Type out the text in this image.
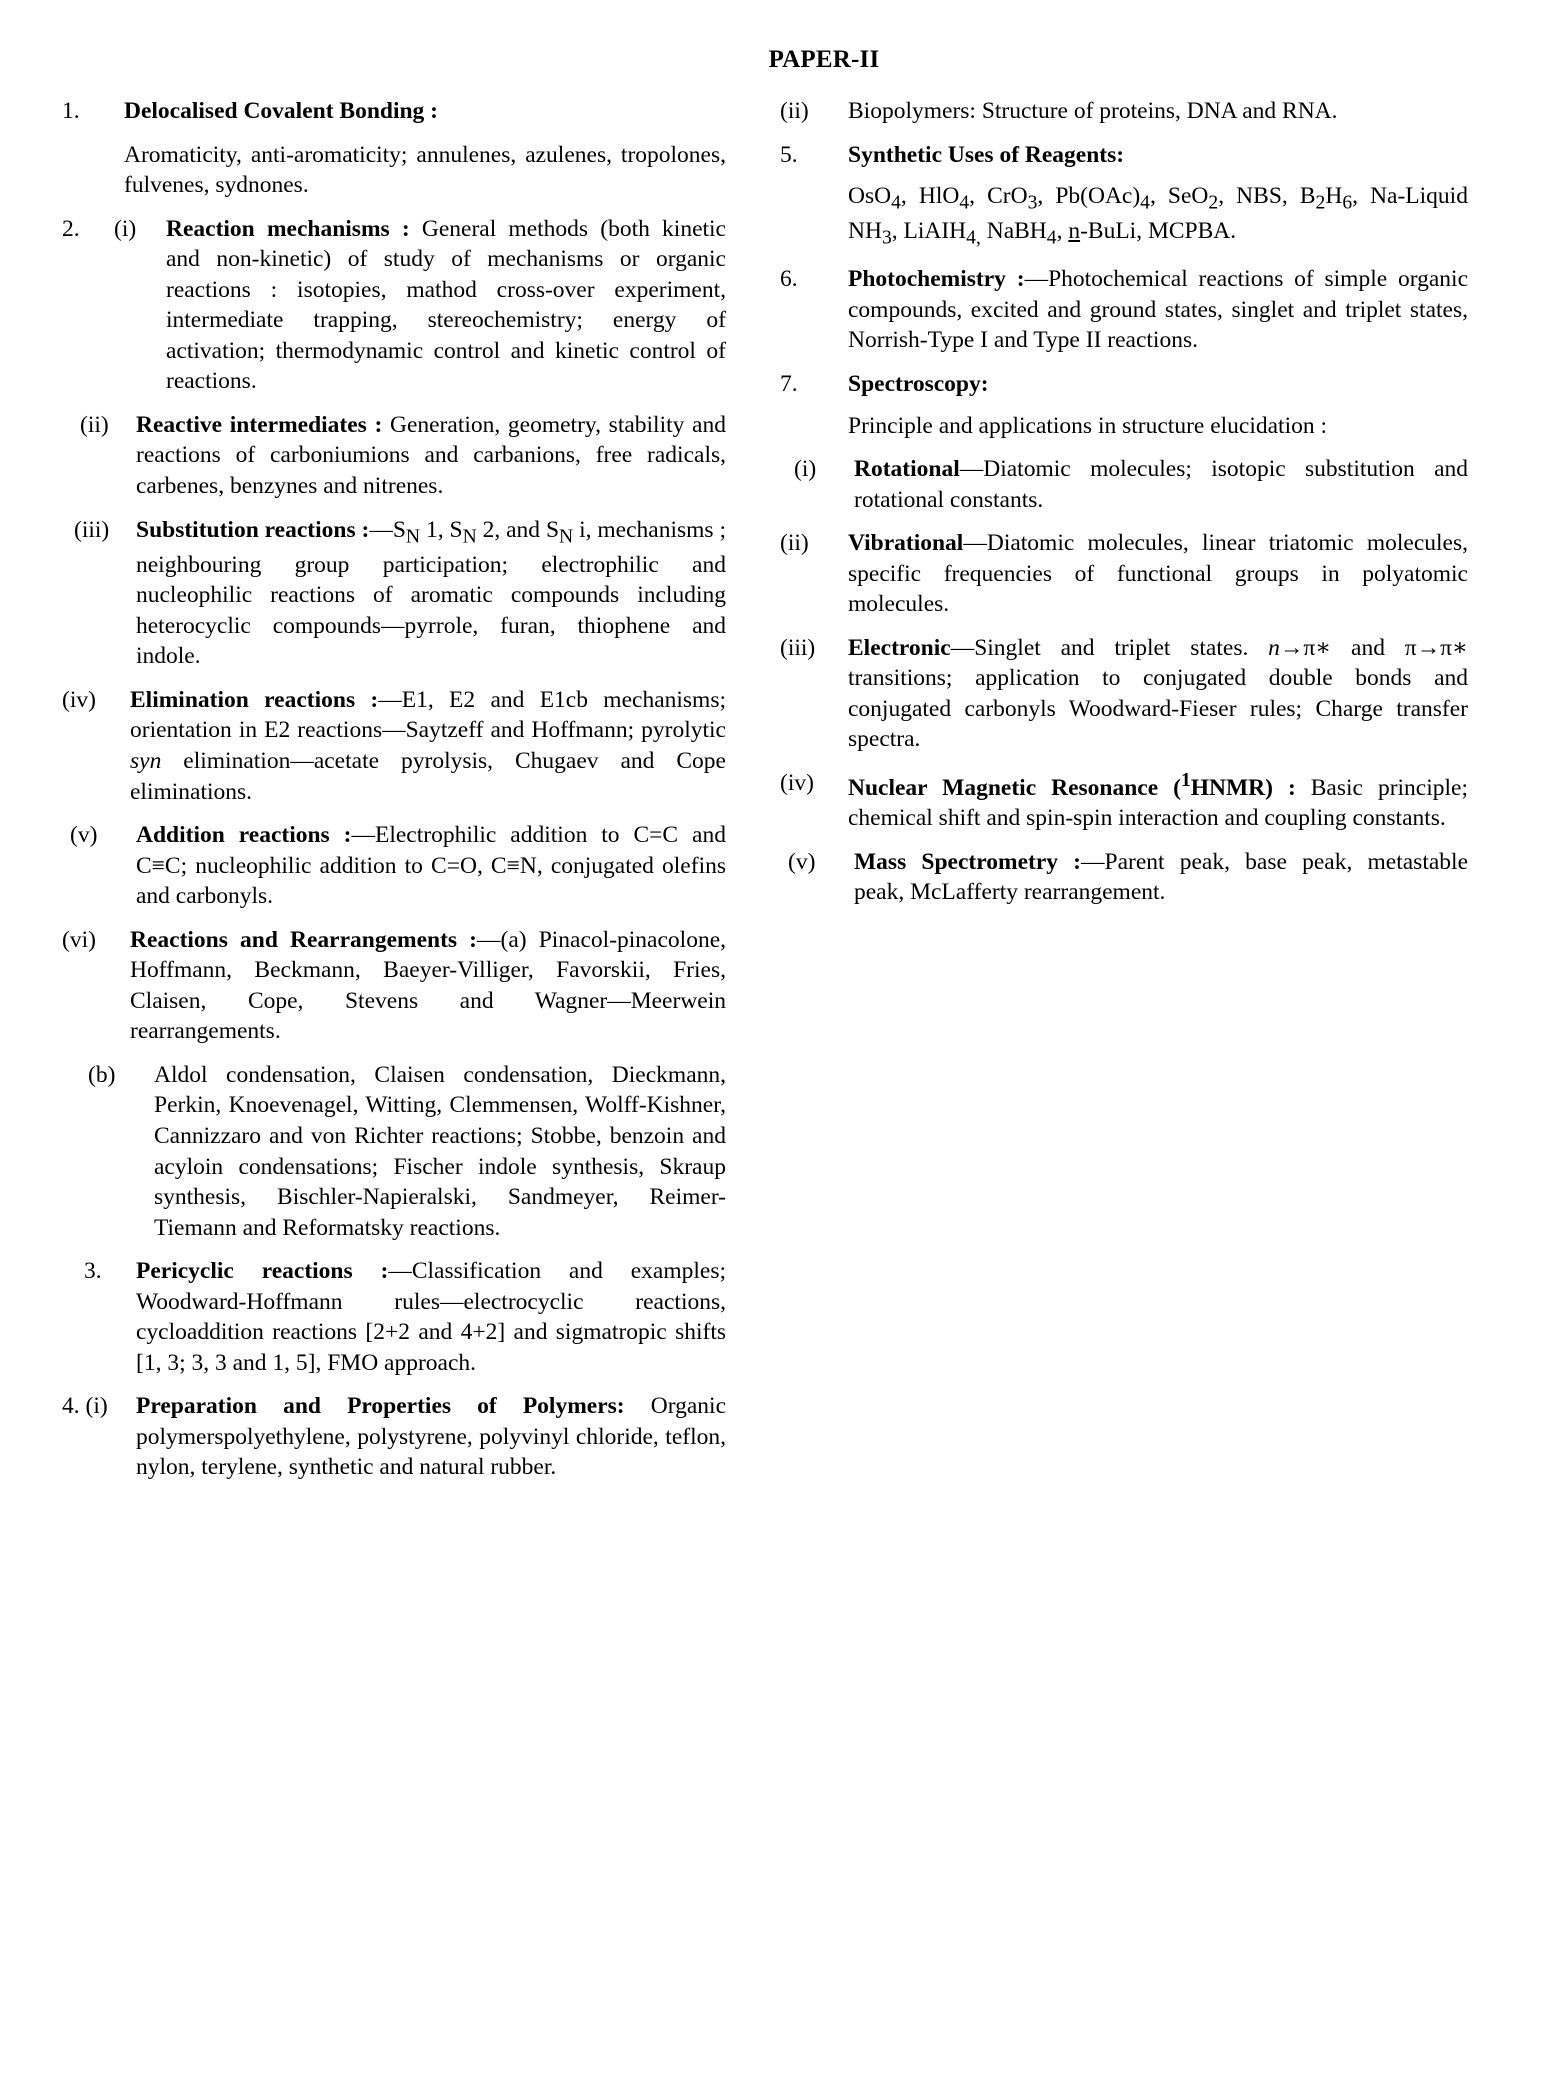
PAPER-II
1.	Delocalised Covalent Bonding :
Aromaticity, anti-aromaticity; annulenes, azulenes, tropolones, fulvenes, sydnones.
2.	(i)	Reaction mechanisms : General methods (both kinetic and non-kinetic) of study of mechanisms or organic reactions : isotopies, mathod cross-over experiment, intermediate trapping, stereochemistry; energy of activation; thermodynamic control and kinetic control of reactions.
(ii)	Reactive intermediates : Generation, geometry, stability and reactions of carboniumions and carbanions, free radicals, carbenes, benzynes and nitrenes.
(iii)	Substitution reactions $:—S_N$ 1, $S_N$ 2, and $S_N$ i, mechanisms ; neighbouring group participation; electrophilic and nucleophilic reactions of aromatic compounds including heterocyclic compounds—pyrrole, furan, thiophene and indole.
(iv)	Elimination reactions :—E1, E2 and E1cb mechanisms; orientation in E2 reactions—Saytzeff and Hoffmann; pyrolytic syn elimination—acetate pyrolysis, Chugaev and Cope eliminations.
(v)	Addition reactions :—Electrophilic addition to C=C and C≡C; nucleophilic addition to C=O, C≡N, conjugated olefins and carbonyls.
(vi)	Reactions and Rearrangements :—(a) Pinacol-pinacolone, Hoffmann, Beckmann, Baeyer-Villiger, Favorskii, Fries, Claisen, Cope, Stevens and Wagner—Meerwein rearrangements.
(b)	Aldol condensation, Claisen condensation, Dieckmann, Perkin, Knoevenagel, Witting, Clemmensen, Wolff-Kishner, Cannizzaro and von Richter reactions; Stobbe, benzoin and acyloin condensations; Fischer indole synthesis, Skraup synthesis, Bischler-Napieralski, Sandmeyer, Reimer-Tiemann and Reformatsky reactions.
3.	Pericyclic reactions :—Classification and examples; Woodward-Hoffmann rules—electrocyclic reactions, cycloaddition reactions [2+2 and 4+2] and sigmatropic shifts [1, 3; 3, 3 and 1, 5], FMO approach.
4. (i)	Preparation and Properties of Polymers: Organic polymerspolyethylene, polystyrene, polyvinyl chloride, teflon, nylon, terylene, synthetic and natural rubber.
(ii)	Biopolymers: Structure of proteins, DNA and RNA.
5.	Synthetic Uses of Reagents:
OsO$_4$, HlO$_4$, CrO$_3$, $Pb(OAc)_4$, SeO$_2$, NBS, $B_2H_6$, Na-Liquid $NH_3$, LiAIH$_{4,}$ NaBH$_4$, n-BuLi, MCPBA.
6.	Photochemistry :—Photochemical reactions of simple organic compounds, excited and ground states, singlet and triplet states, Norrish-Type I and Type II reactions.
7.	Spectroscopy:
Principle and applications in structure elucidation :
(i)	Rotational—Diatomic molecules; isotopic substitution and rotational constants.
(ii)	Vibrational—Diatomic molecules, linear triatomic molecules, specific frequencies of functional groups in polyatomic molecules.
(iii)	Electronic—Singlet and triplet states. n→π∗ and π→π∗ transitions; application to conjugated double bonds and conjugated carbonyls Woodward-Fieser rules; Charge transfer spectra.
(iv)	Nuclear Magnetic Resonance ($^1$HNMR) : Basic principle; chemical shift and spin-spin interaction and coupling constants.
(v)	Mass Spectrometry :—Parent peak, base peak, metastable peak, McLafferty rearrangement.
